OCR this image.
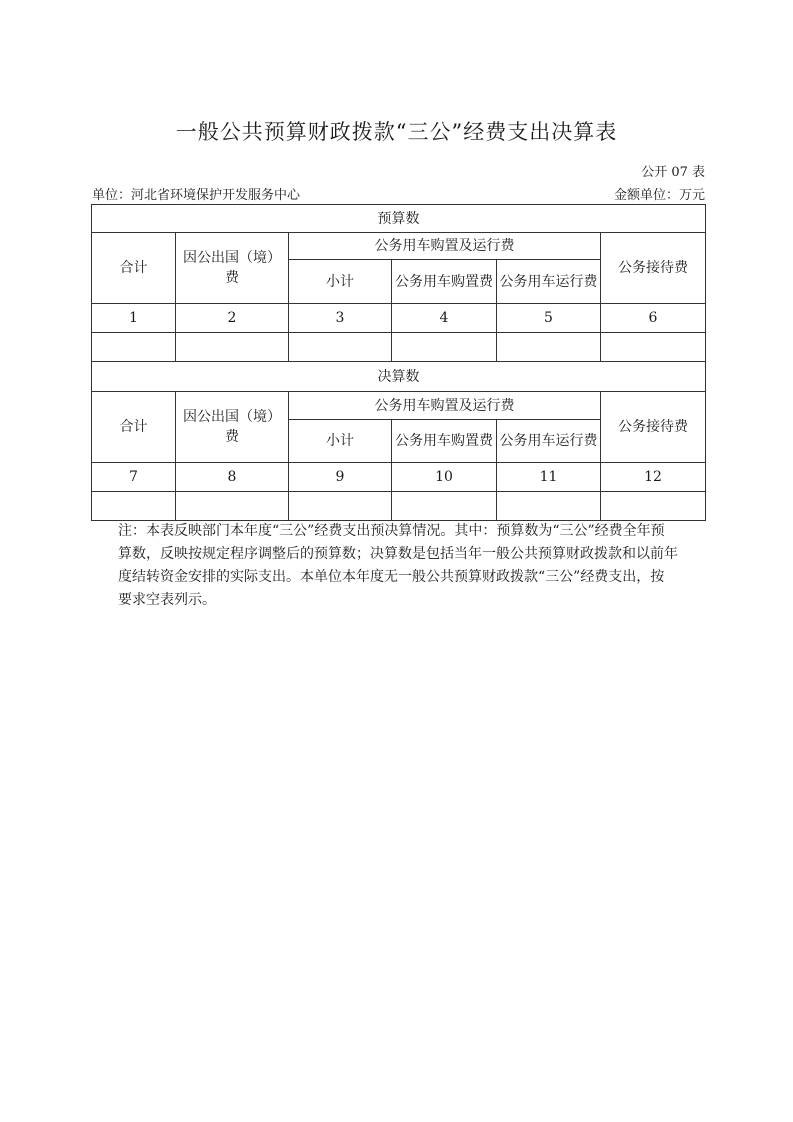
一般公共预算财政拨款“三公”经费支出决算表
公开 07 表
单位：河北省环境保护开发服务中心	金额单位：万元
预算数					
合计	因公出国（境）费	公务用车购置及运行费			公务接待费
		小计	公务用车购置费	公务用车运行费	
1	2	3	4	5	6

决算数					
合计	因公出国（境）费	公务用车购置及运行费			公务接待费
		小计	公务用车购置费	公务用车运行费	
7	8	9	10	11	12

注：本表反映部门本年度“三公”经费支出预决算情况。其中：预算数为“三公”经费全年预算数，反映按规定程序调整后的预算数；决算数是包括当年一般公共预算财政拨款和以前年度结转资金安排的实际支出。本单位本年度无一般公共预算财政拨款“三公”经费支出，按要求空表列示。
